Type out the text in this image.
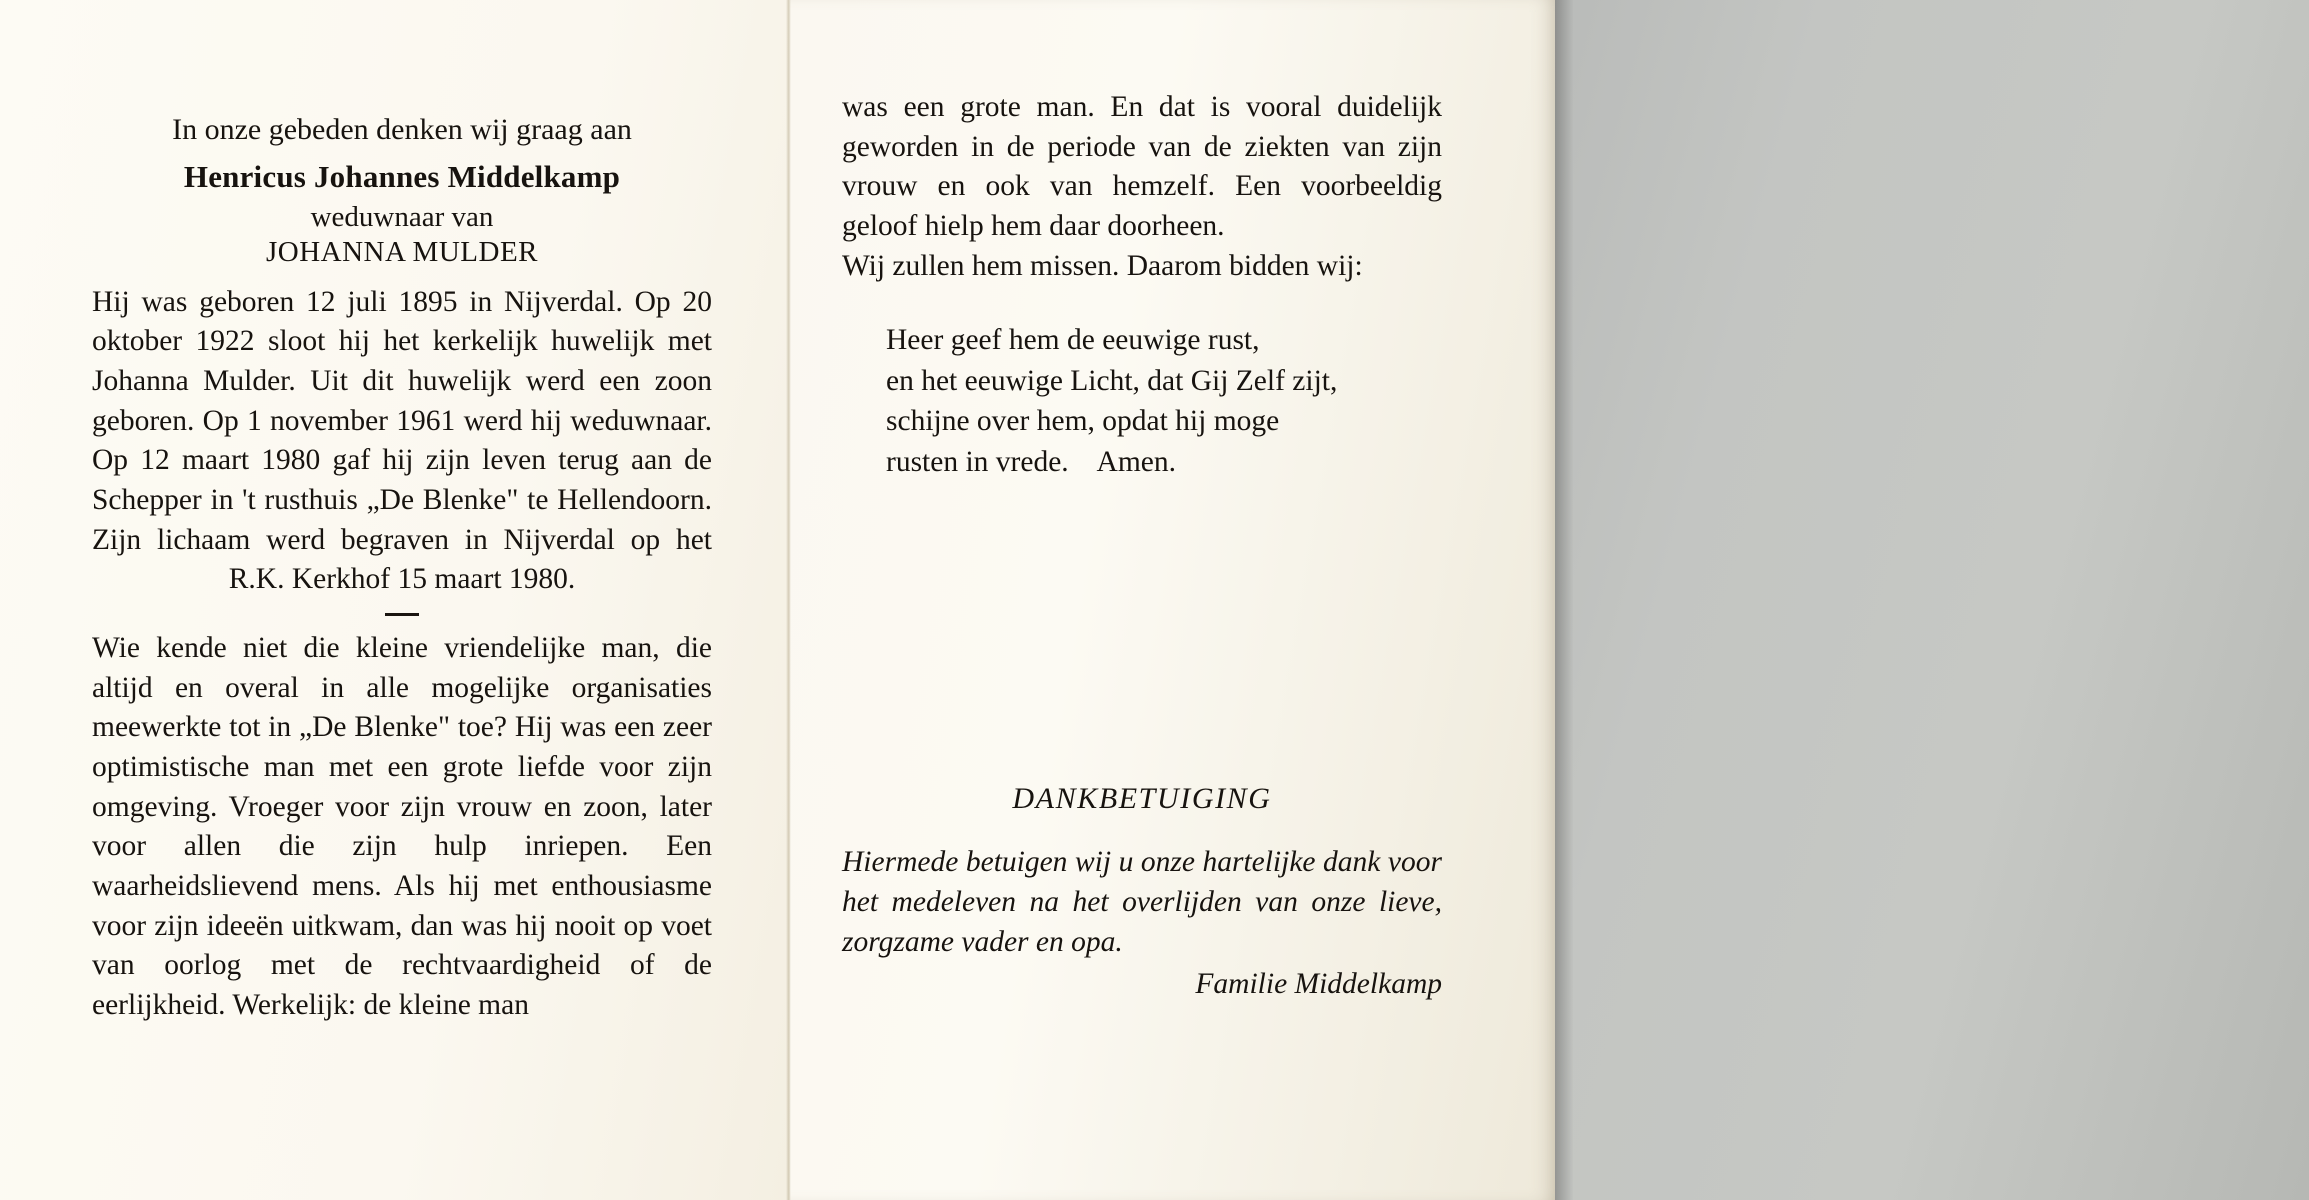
In onze gebeden denken wij graag aan
Henricus Johannes Middelkamp
weduwnaar van
JOHANNA MULDER

Hij was geboren 12 juli 1895 in Nijverdal. Op 20 oktober 1922 sloot hij het kerkelijk huwelijk met Johanna Mulder. Uit dit huwelijk werd een zoon geboren. Op 1 november 1961 werd hij weduwnaar. Op 12 maart 1980 gaf hij zijn leven terug aan de Schepper in 't rusthuis „De Blenke" te Hellendoorn. Zijn lichaam werd begraven in Nijverdal op het R.K. Kerkhof 15 maart 1980.

Wie kende niet die kleine vriendelijke man, die altijd en overal in alle mogelijke organisaties meewerkte tot in „De Blenke" toe? Hij was een zeer optimistische man met een grote liefde voor zijn omgeving. Vroeger voor zijn vrouw en zoon, later voor allen die zijn hulp inriepen. Een waarheidslievend mens. Als hij met enthousiasme voor zijn ideeën uitkwam, dan was hij nooit op voet van oorlog met de rechtvaardigheid of de eerlijkheid. Werkelijk: de kleine man

was een grote man. En dat is vooral duidelijk geworden in de periode van de ziekten van zijn vrouw en ook van hemzelf. Een voorbeeldig geloof hielp hem daar doorheen.

Wij zullen hem missen. Daarom bidden wij:

Heer geef hem de eeuwige rust,
en het eeuwige Licht, dat Gij Zelf zijt,
schijne over hem, opdat hij moge
rusten in vrede.    Amen.
DANKBETUIGING

Hiermede betuigen wij u onze hartelijke dank voor het medeleven na het overlijden van onze lieve, zorgzame vader en opa.

Familie Middelkamp
